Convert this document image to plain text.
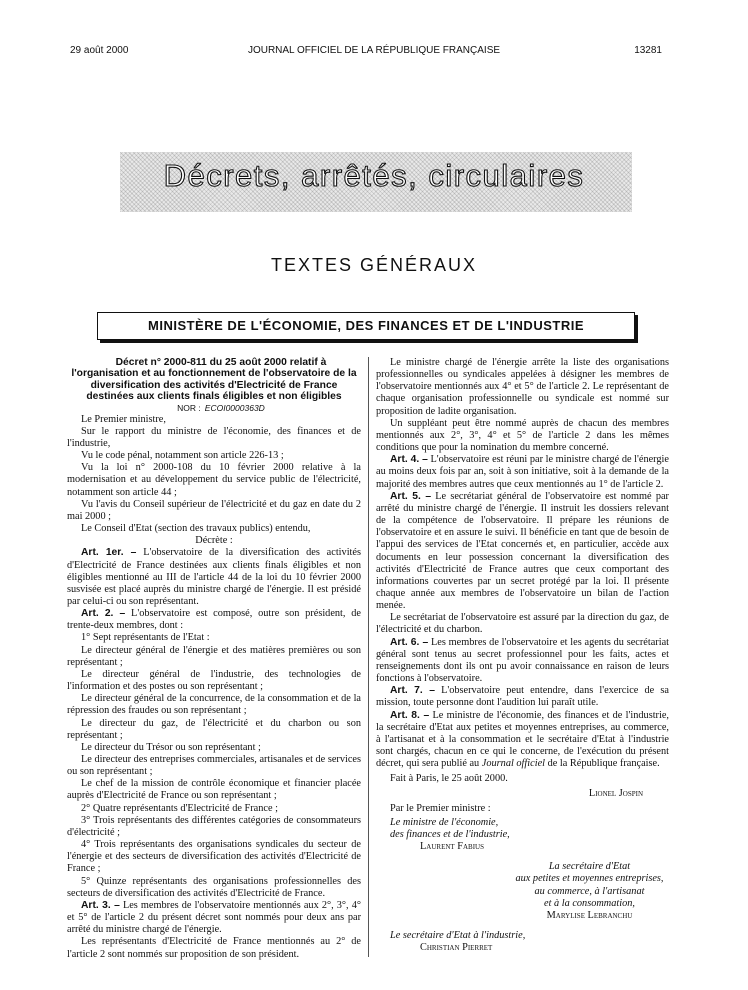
29 août 2000	JOURNAL OFFICIEL DE LA RÉPUBLIQUE FRANÇAISE	13281
Décrets, arrêtés, circulaires
TEXTES GÉNÉRAUX
MINISTÈRE DE L'ÉCONOMIE, DES FINANCES ET DE L'INDUSTRIE

Décret n° 2000-811 du 25 août 2000 relatif à l'organisation et au fonctionnement de l'observatoire de la diversification des activités d'Electricité de France destinées aux clients finals éligibles et non éligibles

NOR : ECOI0000363D

Le Premier ministre,

Sur le rapport du ministre de l'économie, des finances et de l'industrie,

Vu le code pénal, notamment son article 226-13 ;

Vu la loi n° 2000-108 du 10 février 2000 relative à la modernisation et au développement du service public de l'électricité, notamment son article 44 ;

Vu l'avis du Conseil supérieur de l'électricité et du gaz en date du 2 mai 2000 ;

Le Conseil d'Etat (section des travaux publics) entendu,

Décrète :

Art. 1er. – L'observatoire de la diversification des activités d'Electricité de France destinées aux clients finals éligibles et non éligibles mentionné au III de l'article 44 de la loi du 10 février 2000 susvisée est placé auprès du ministre chargé de l'énergie. Il est présidé par celui-ci ou son représentant.

Art. 2. – L'observatoire est composé, outre son président, de trente-deux membres, dont :

1° Sept représentants de l'Etat :

Le directeur général de l'énergie et des matières premières ou son représentant ;

Le directeur général de l'industrie, des technologies de l'information et des postes ou son représentant ;

Le directeur général de la concurrence, de la consommation et de la répression des fraudes ou son représentant ;

Le directeur du gaz, de l'électricité et du charbon ou son représentant ;

Le directeur du Trésor ou son représentant ;

Le directeur des entreprises commerciales, artisanales et de services ou son représentant ;

Le chef de la mission de contrôle économique et financier placée auprès d'Electricité de France ou son représentant ;

2° Quatre représentants d'Electricité de France ;

3° Trois représentants des différentes catégories de consommateurs d'électricité ;

4° Trois représentants des organisations syndicales du secteur de l'énergie et des secteurs de diversification des activités d'Electricité de France ;

5° Quinze représentants des organisations professionnelles des secteurs de diversification des activités d'Electricité de France.

Art. 3. – Les membres de l'observatoire mentionnés aux 2°, 3°, 4° et 5° de l'article 2 du présent décret sont nommés pour deux ans par arrêté du ministre chargé de l'énergie.

Les représentants d'Electricité de France mentionnés au 2° de l'article 2 sont nommés sur proposition de son président.

Le ministre chargé de l'énergie arrête la liste des organisations professionnelles ou syndicales appelées à désigner les membres de l'observatoire mentionnés aux 4° et 5° de l'article 2. Le représentant de chaque organisation professionnelle ou syndicale est nommé sur proposition de ladite organisation.

Un suppléant peut être nommé auprès de chacun des membres mentionnés aux 2°, 3°, 4° et 5° de l'article 2 dans les mêmes conditions que pour la nomination du membre concerné.

Art. 4. – L'observatoire est réuni par le ministre chargé de l'énergie au moins deux fois par an, soit à son initiative, soit à la demande de la majorité des membres autres que ceux mentionnés au 1° de l'article 2.

Art. 5. – Le secrétariat général de l'observatoire est nommé par arrêté du ministre chargé de l'énergie. Il instruit les dossiers relevant de la compétence de l'observatoire. Il prépare les réunions de l'observatoire et en assure le suivi. Il bénéficie en tant que de besoin de l'appui des services de l'Etat concernés et, en particulier, accède aux documents en leur possession concernant la diversification des activités d'Electricité de France autres que ceux comportant des informations couvertes par un secret protégé par la loi. Il présente chaque année aux membres de l'observatoire un bilan de l'action menée.

Le secrétariat de l'observatoire est assuré par la direction du gaz, de l'électricité et du charbon.

Art. 6. – Les membres de l'observatoire et les agents du secrétariat général sont tenus au secret professionnel pour les faits, actes et renseignements dont ils ont pu avoir connaissance en raison de leurs fonctions à l'observatoire.

Art. 7. – L'observatoire peut entendre, dans l'exercice de sa mission, toute personne dont l'audition lui paraît utile.

Art. 8. – Le ministre de l'économie, des finances et de l'industrie, la secrétaire d'Etat aux petites et moyennes entreprises, au commerce, à l'artisanat et à la consommation et le secrétaire d'Etat à l'industrie sont chargés, chacun en ce qui le concerne, de l'exécution du présent décret, qui sera publié au Journal officiel de la République française.

Fait à Paris, le 25 août 2000.

Lionel Jospin

Par le Premier ministre :

Le ministre de l'économie,

des finances et de l'industrie,

Laurent Fabius

La secrétaire d'Etat

aux petites et moyennes entreprises,

au commerce, à l'artisanat

et à la consommation,

Marylise Lebranchu

Le secrétaire d'Etat à l'industrie,

Christian Pierret
